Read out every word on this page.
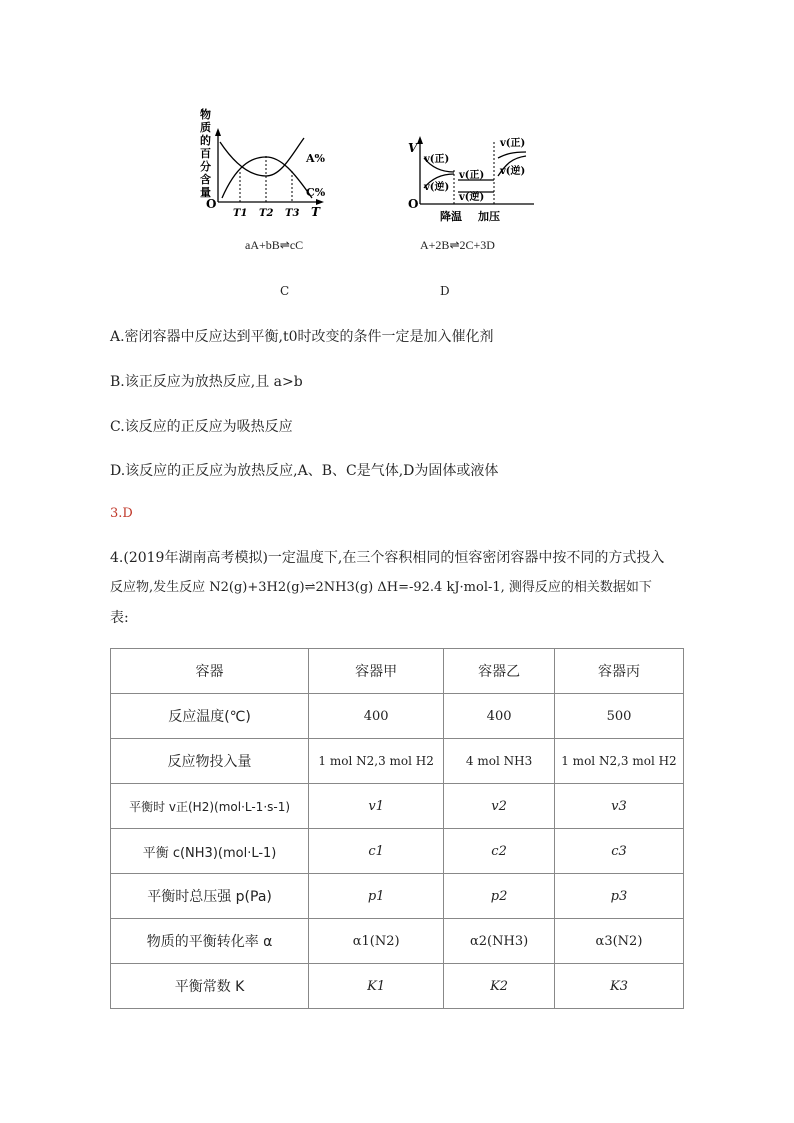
物
质
的
百
分
含
量
O
T
A%
C%
T1 T2 T3
aA+bB⇌cC
C
V
O
v(正)
v(逆)
v(正)
v(逆)
v(正)
v(逆)
降温 加压
A+2B⇌2C+3D
D
A.密闭容器中反应达到平衡,t0时改变的条件一定是加入催化剂
B.该正反应为放热反应,且 a>b
C.该反应的正反应为吸热反应
D.该反应的正反应为放热反应,A、B、C是气体,D为固体或液体
3.D
4.(2019年湖南高考模拟)一定温度下,在三个容积相同的恒容密闭容器中按不同的方式投入
反应物,发生反应 N2(g)+3H2(g)⇌2NH3(g) ΔH=-92.4 kJ·mol-1, 测得反应的相关数据如下
表:
容器	容器甲	容器乙	容器丙
反应温度(℃)	400	400	500
反应物投入量	1 mol N2,3 mol H2	4 mol NH3	1 mol N2,3 mol H2
平衡时 v正(H2)(mol·L-1·s-1)	v1	v2	v3
平衡 c(NH3)(mol·L-1)	c1	c2	c3
平衡时总压强 p(Pa)	p1	p2	p3
物质的平衡转化率 α	α1(N2)	α2(NH3)	α3(N2)
平衡常数 K	K1	K2	K3
